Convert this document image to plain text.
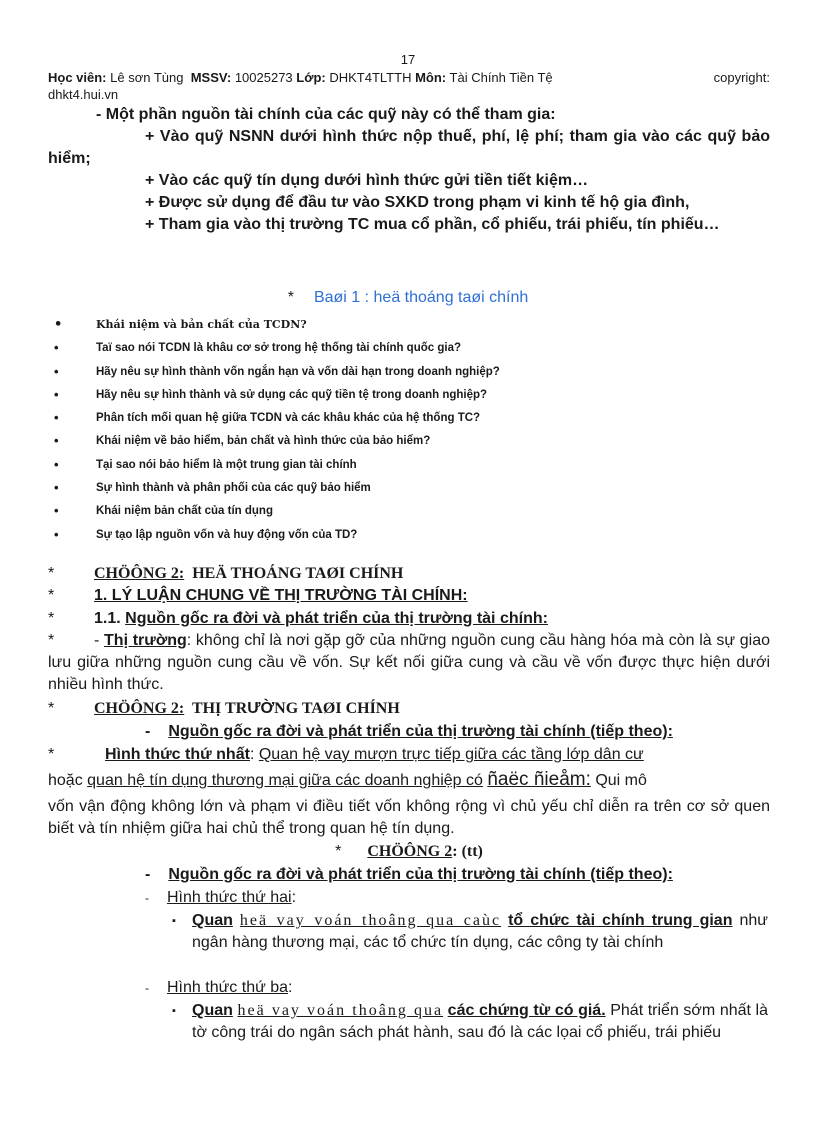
17
Học viên: Lê sơn Tùng MSSV: 10025273 Lớp: DHKT4TLTTH Môn: Tài Chính Tiền Tệ	copyright:

dhkt4.hui.vn
- Một phần nguồn tài chính của các quỹ này có thể tham gia:
+ Vào quỹ NSNN dưới hình thức nộp thuế, phí, lệ phí; tham gia vào các quỹ bảo hiểm;
+ Vào các quỹ tín dụng dưới hình thức gửi tiền tiết kiệm…
+ Được sử dụng để đầu tư vào SXKD trong phạm vi kinh tế hộ gia đình,
+ Tham gia vào thị trường TC mua cổ phần, cổ phiếu, trái phiếu, tín phiếu…
* Baøi 1 : heä thoáng taøi chính
•	Khái niệm và bản chất của TCDN?
•	Taï sao nói TCDN là khâu cơ sở trong hệ thống tài chính quốc gia?
•	Hãy nêu sự hình thành vốn ngắn hạn và vốn dài hạn trong doanh nghiệp?
•	Hãy nêu sự hình thành và sử dụng các quỹ tiền tệ trong doanh nghiệp?
•	Phân tích mối quan hệ giữa TCDN và các khâu khác của hệ thống TC?
•	Khái niệm về bảo hiểm, bản chất và hình thức của bảo hiểm?
•	Tại sao nói bảo hiểm là một trung gian tài chính
•	Sự hình thành và phân phối của các quỹ bảo hiểm
•	Khái niệm bản chất của tín dụng
•	Sự tạo lập nguồn vốn và huy động vốn của TD?
* CHÖÔNG 2: HEÄ THOÁNG TAØI CHÍNH
* 1. LÝ LUẬN CHUNG VỀ THỊ TRƯỜNG TÀI CHÍNH:
* 1.1. Nguồn gốc ra đời và phát triển của thị trường tài chính:
* - Thị trường: không chỉ là nơi gặp gỡ của những nguồn cung cầu hàng hóa mà còn là sự giao lưu giữa những nguồn cung cầu về vốn. Sự kết nối giữa cung và cầu về vốn được thực hiện dưới nhiều hình thức.
* CHÖÔNG 2: THỊ TRƯỜNG TAØI CHÍNH
- Nguồn gốc ra đời và phát triển của thị trường tài chính (tiếp theo):
*	Hình thức thứ nhất: Quan hệ vay mượn trực tiếp giữa các tầng lớp dân cư
hoặc quan hệ tín dụng thương mại giữa các doanh nghiệp có ñaëc ñieåm: Qui mô
vốn vận động không lớn và phạm vi điều tiết vốn không rộng vì chủ yếu chỉ diễn ra trên cơ sở quen biết và tín nhiệm giữa hai chủ thể trong quan hệ tín dụng.
* CHÖÔNG 2: (tt)
- Nguồn gốc ra đời và phát triển của thị trường tài chính (tiếp theo):
- Hình thức thứ hai:
▪ Quan heä vay voán thoâng qua caùc tổ chức tài chính trung gian như ngân hàng thương mại, các tổ chức tín dụng, các công ty tài chính
- Hình thức thứ ba:
▪ Quan heä vay voán thoâng qua các chứng từ có giá. Phát triển sớm nhất là tờ công trái do ngân sách phát hành, sau đó là các lọai cổ phiếu, trái phiếu
